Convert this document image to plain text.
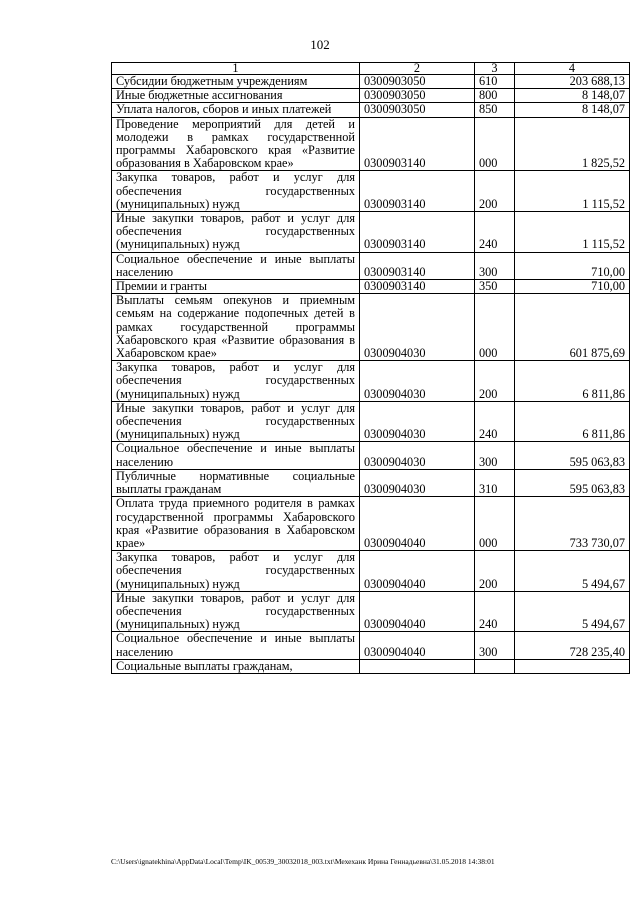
102
1	2	3	4
Субсидии бюджетным учреждениям	0300903050	610	203 688,13
Иные бюджетные ассигнования	0300903050	800	8 148,07
Уплата налогов, сборов и иных платежей	0300903050	850	8 148,07
Проведение мероприятий для детей и молодежи в рамках государственной программы Хабаровского края «Развитие образования в Хабаровском крае»	0300903140	000	1 825,52
Закупка товаров, работ и услуг для обеспечения государственных (муниципальных) нужд	0300903140	200	1 115,52
Иные закупки товаров, работ и услуг для обеспечения государственных (муниципальных) нужд	0300903140	240	1 115,52
Социальное обеспечение и иные выплаты населению	0300903140	300	710,00
Премии и гранты	0300903140	350	710,00
Выплаты семьям опекунов и приемным семьям на содержание подопечных детей в рамках государственной программы Хабаровского края «Развитие образования в Хабаровском крае»	0300904030	000	601 875,69
Закупка товаров, работ и услуг для обеспечения государственных (муниципальных) нужд	0300904030	200	6 811,86
Иные закупки товаров, работ и услуг для обеспечения государственных (муниципальных) нужд	0300904030	240	6 811,86
Социальное обеспечение и иные выплаты населению	0300904030	300	595 063,83
Публичные нормативные социальные выплаты гражданам	0300904030	310	595 063,83
Оплата труда приемного родителя в рамках государственной программы Хабаровского края «Развитие образования в Хабаровском крае»	0300904040	000	733 730,07
Закупка товаров, работ и услуг для обеспечения государственных (муниципальных) нужд	0300904040	200	5 494,67
Иные закупки товаров, работ и услуг для обеспечения государственных (муниципальных) нужд	0300904040	240	5 494,67
Социальное обеспечение и иные выплаты населению	0300904040	300	728 235,40
Социальные выплаты гражданам,			
C:\Users\ignatekhina\AppData\Local\Temp\IK_00539_30032018_003.txt\Мехеханк Ирина Геннадьевна\31.05.2018 14:38:01
